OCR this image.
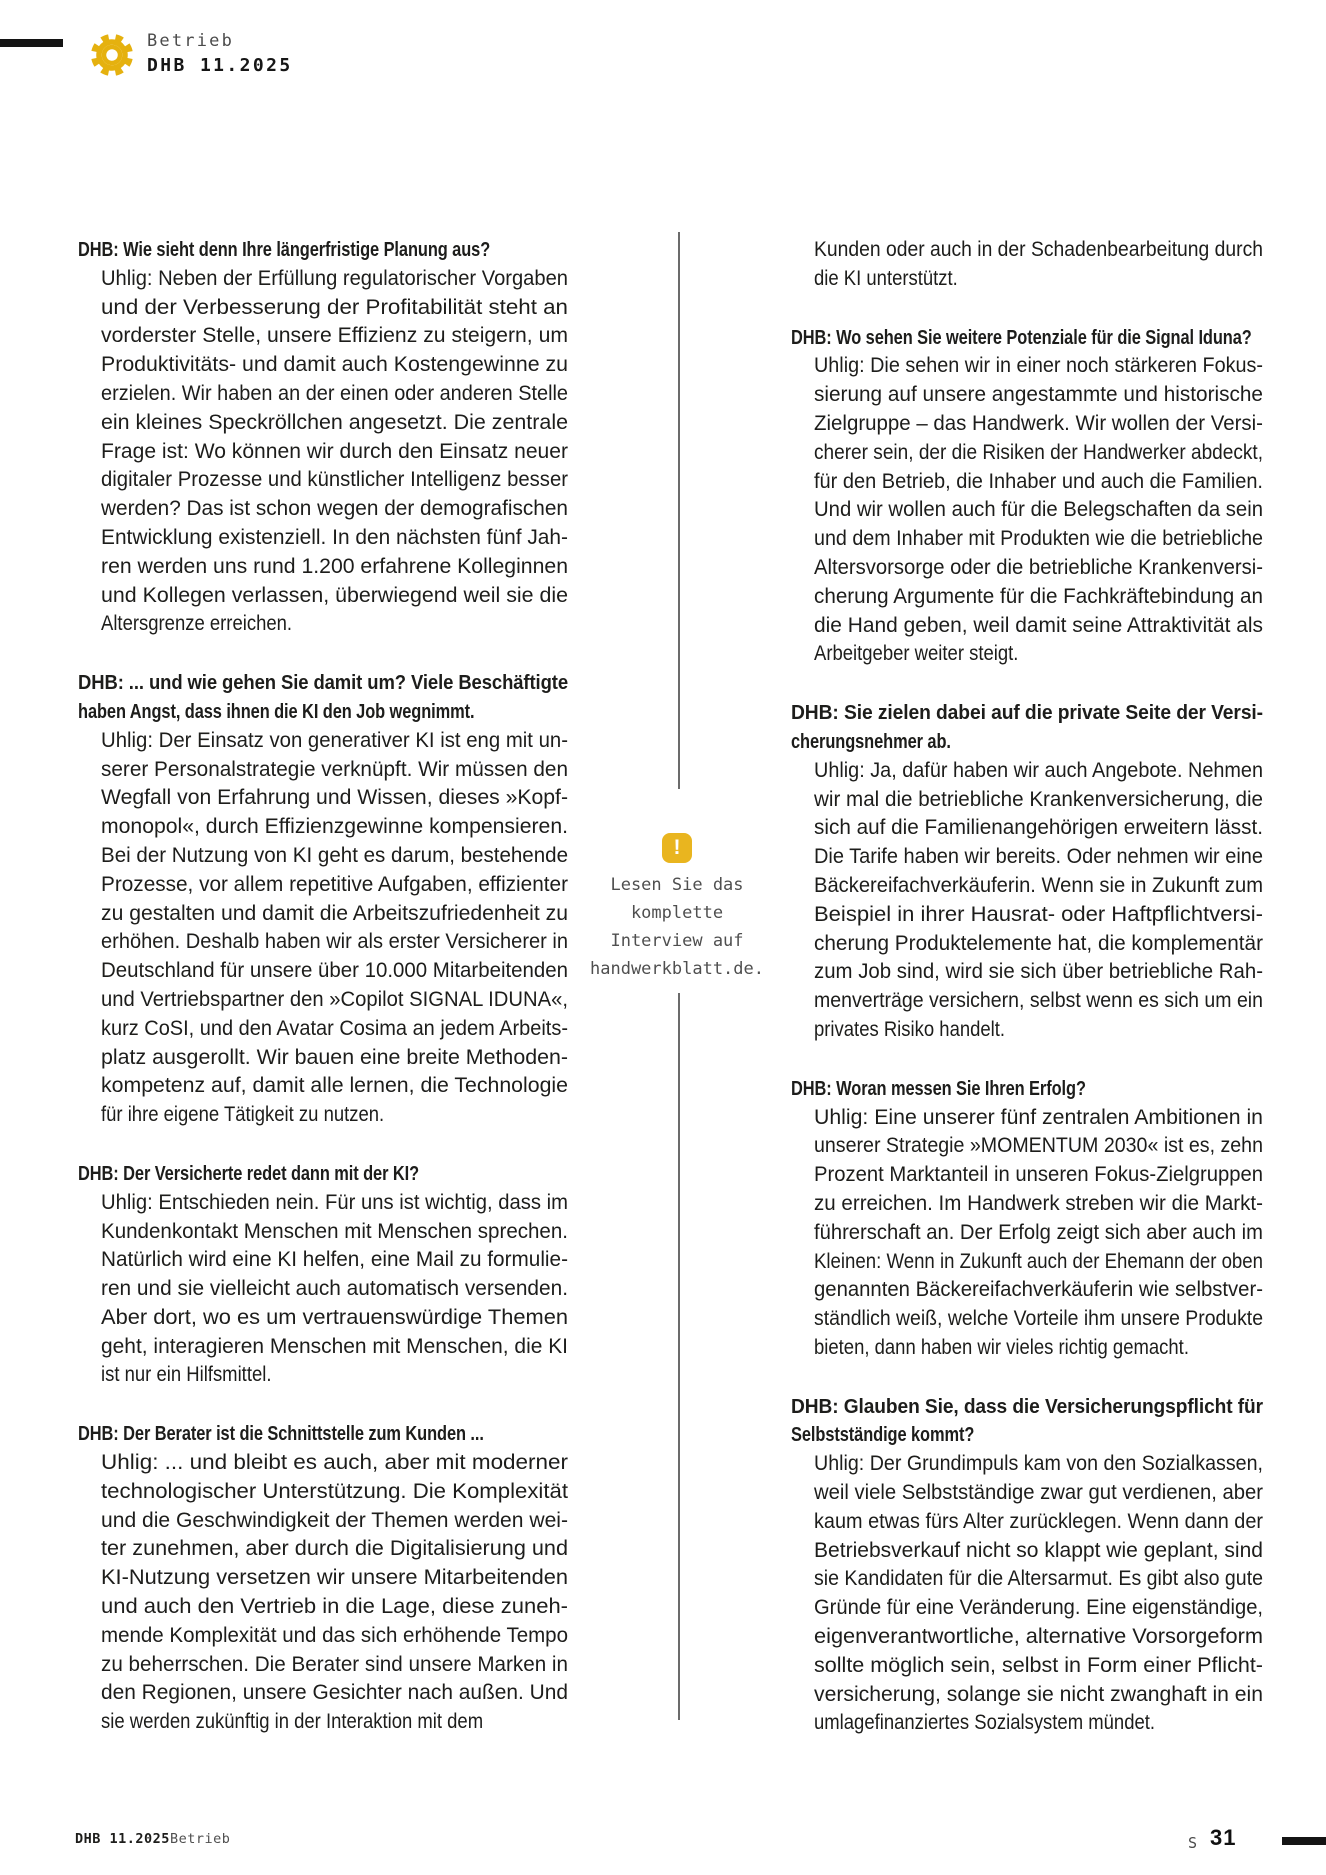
Betrieb
DHB 11.2025
DHB: Wie sieht denn Ihre längerfristige Planung aus?
Uhlig: Neben der Erfüllung regulatorischer Vorgaben
und der Verbesserung der Profitabilität steht an
vorderster Stelle, unsere Effizienz zu steigern, um
Produktivitäts- und damit auch Kostengewinne zu
erzielen. Wir haben an der einen oder anderen Stelle
ein kleines Speckröllchen angesetzt. Die zentrale
Frage ist: Wo können wir durch den Einsatz neuer
digitaler Prozesse und künstlicher Intelligenz besser
werden? Das ist schon wegen der demografischen
Entwicklung existenziell. In den nächsten fünf Jah-
ren werden uns rund 1.200 erfahrene Kolleginnen
und Kollegen verlassen, überwiegend weil sie die
Altersgrenze erreichen.
DHB: ... und wie gehen Sie damit um? Viele Beschäftigte
haben Angst, dass ihnen die KI den Job wegnimmt.
Uhlig: Der Einsatz von generativer KI ist eng mit un-
serer Personalstrategie verknüpft. Wir müssen den
Wegfall von Erfahrung und Wissen, dieses »Kopf-
monopol«, durch Effizienzgewinne kompensieren.
Bei der Nutzung von KI geht es darum, bestehende
Prozesse, vor allem repetitive Aufgaben, effizienter
zu gestalten und damit die Arbeitszufriedenheit zu
erhöhen. Deshalb haben wir als erster Versicherer in
Deutschland für unsere über 10.000 Mitarbeitenden
und Vertriebspartner den »Copilot SIGNAL IDUNA«,
kurz CoSI, und den Avatar Cosima an jedem Arbeits-
platz ausgerollt. Wir bauen eine breite Methoden-
kompetenz auf, damit alle lernen, die Technologie
für ihre eigene Tätigkeit zu nutzen.
DHB: Der Versicherte redet dann mit der KI?
Uhlig: Entschieden nein. Für uns ist wichtig, dass im
Kundenkontakt Menschen mit Menschen sprechen.
Natürlich wird eine KI helfen, eine Mail zu formulie-
ren und sie vielleicht auch automatisch versenden.
Aber dort, wo es um vertrauenswürdige Themen
geht, interagieren Menschen mit Menschen, die KI
ist nur ein Hilfsmittel.
DHB: Der Berater ist die Schnittstelle zum Kunden ...
Uhlig: ... und bleibt es auch, aber mit moderner
technologischer Unterstützung. Die Komplexität
und die Geschwindigkeit der Themen werden wei-
ter zunehmen, aber durch die Digitalisierung und
KI-Nutzung versetzen wir unsere Mitarbeitenden
und auch den Vertrieb in die Lage, diese zuneh-
mende Komplexität und das sich erhöhende Tempo
zu beherrschen. Die Berater sind unsere Marken in
den Regionen, unsere Gesichter nach außen. Und
sie werden zukünftig in der Interaktion mit dem
Kunden oder auch in der Schadenbearbeitung durch
die KI unterstützt.
DHB: Wo sehen Sie weitere Potenziale für die Signal Iduna?
Uhlig: Die sehen wir in einer noch stärkeren Fokus-
sierung auf unsere angestammte und historische
Zielgruppe – das Handwerk. Wir wollen der Versi-
cherer sein, der die Risiken der Handwerker abdeckt,
für den Betrieb, die Inhaber und auch die Familien.
Und wir wollen auch für die Belegschaften da sein
und dem Inhaber mit Produkten wie die betriebliche
Altersvorsorge oder die betriebliche Krankenversi-
cherung Argumente für die Fachkräftebindung an
die Hand geben, weil damit seine Attraktivität als
Arbeitgeber weiter steigt.
DHB: Sie zielen dabei auf die private Seite der Versi-
cherungsnehmer ab.
Uhlig: Ja, dafür haben wir auch Angebote. Nehmen
wir mal die betriebliche Krankenversicherung, die
sich auf die Familienangehörigen erweitern lässt.
Die Tarife haben wir bereits. Oder nehmen wir eine
Bäckereifachverkäuferin. Wenn sie in Zukunft zum
Beispiel in ihrer Hausrat- oder Haftpflichtversi-
cherung Produktelemente hat, die komplementär
zum Job sind, wird sie sich über betriebliche Rah-
menverträge versichern, selbst wenn es sich um ein
privates Risiko handelt.
DHB: Woran messen Sie Ihren Erfolg?
Uhlig: Eine unserer fünf zentralen Ambitionen in
unserer Strategie »MOMENTUM 2030« ist es, zehn
Prozent Marktanteil in unseren Fokus-Zielgruppen
zu erreichen. Im Handwerk streben wir die Markt-
führerschaft an. Der Erfolg zeigt sich aber auch im
Kleinen: Wenn in Zukunft auch der Ehemann der oben
genannten Bäckereifachverkäuferin wie selbstver-
ständlich weiß, welche Vorteile ihm unsere Produkte
bieten, dann haben wir vieles richtig gemacht.
DHB: Glauben Sie, dass die Versicherungspflicht für
Selbstständige kommt?
Uhlig: Der Grundimpuls kam von den Sozialkassen,
weil viele Selbstständige zwar gut verdienen, aber
kaum etwas fürs Alter zurücklegen. Wenn dann der
Betriebsverkauf nicht so klappt wie geplant, sind
sie Kandidaten für die Altersarmut. Es gibt also gute
Gründe für eine Veränderung. Eine eigenständige,
eigenverantwortliche, alternative Vorsorgeform
sollte möglich sein, selbst in Form einer Pflicht-
versicherung, solange sie nicht zwanghaft in ein
umlagefinanziertes Sozialsystem mündet.
!
Lesen Sie das
komplette
Interview auf
handwerkblatt.de.
DHB 11.2025 Betrieb	S 31
